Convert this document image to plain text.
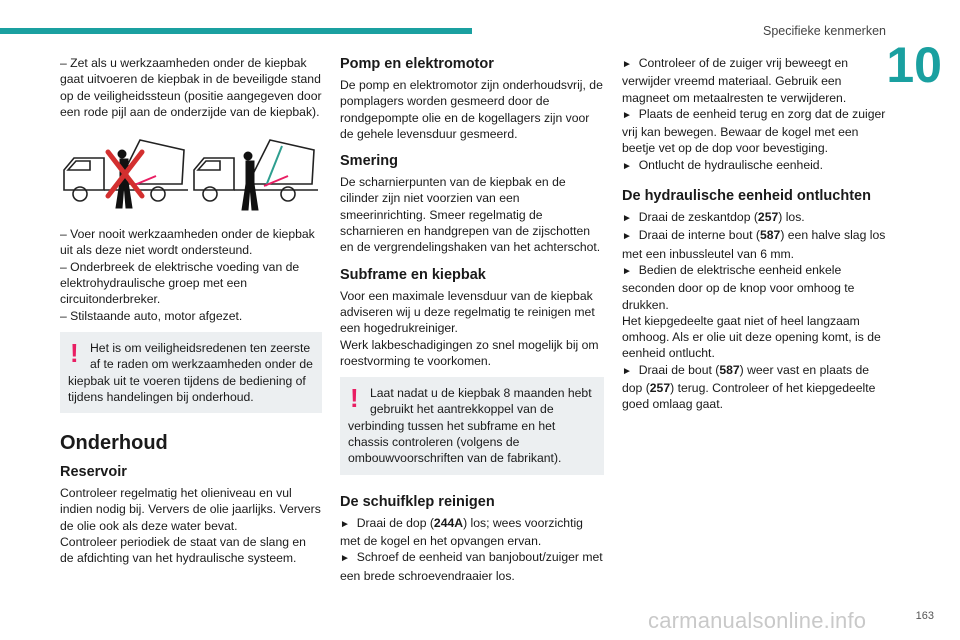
Specifieke kenmerken
10

– Zet als u werkzaamheden onder de kiepbak gaat uitvoeren de kiepbak in de beveiligde stand op de veiligheidssteun (positie aangegeven door een rode pijl aan de onderzijde van de kiepbak).

– Voer nooit werkzaamheden onder de kiepbak uit als deze niet wordt ondersteund.

– Onderbreek de elektrische voeding van de elektrohydraulische groep met een circuitonderbreker.

– Stilstaande auto, motor afgezet.

! Het is om veiligheidsredenen ten zeerste af te raden om werkzaamheden onder de
kiepbak uit te voeren tijdens de bediening of tijdens handelingen bij onderhoud.
Onderhoud
Reservoir

Controleer regelmatig het olieniveau en vul indien nodig bij. Ververs de olie jaarlijks. Ververs de olie ook als deze water bevat.

Controleer periodiek de staat van de slang en de afdichting van het hydraulische systeem.

Pomp en elektromotor

De pomp en elektromotor zijn onderhoudsvrij, de pomplagers worden gesmeerd door de rondgepompte olie en de kogellagers zijn voor de gehele levensduur gesmeerd.

Smering

De scharnierpunten van de kiepbak en de cilinder zijn niet voorzien van een smeerinrichting. Smeer regelmatig de scharnieren en handgrepen van de zijschotten en de vergrendelingshaken van het achterschot.

Subframe en kiepbak

Voor een maximale levensduur van de kiepbak adviseren wij u deze regelmatig te reinigen met een hogedrukreiniger.

Werk lakbeschadigingen zo snel mogelijk bij om roestvorming te voorkomen.

! Laat nadat u de kiepbak 8 maanden hebt gebruikt het aantrekkoppel van de
verbinding tussen het subframe en het chassis controleren (volgens de ombouwvoorschriften van de fabrikant).
De schuifklep reinigen

► Draai de dop (244A) los; wees voorzichtig met de kogel en het opvangen ervan.

► Schroef de eenheid van banjobout/zuiger met een brede schroevendraaier los.

► Controleer of de zuiger vrij beweegt en verwijder vreemd materiaal. Gebruik een magneet om metaalresten te verwijderen.

► Plaats de eenheid terug en zorg dat de zuiger vrij kan bewegen. Bewaar de kogel met een beetje vet op de dop voor bevestiging.

► Ontlucht de hydraulische eenheid.

De hydraulische eenheid ontluchten

► Draai de zeskantdop (257) los.

► Draai de interne bout (587) een halve slag los met een inbussleutel van 6 mm.

► Bedien de elektrische eenheid enkele seconden door op de knop voor omhoog te drukken.

Het kiepgedeelte gaat niet of heel langzaam omhoog. Als er olie uit deze opening komt, is de eenheid ontlucht.

► Draai de bout (587) weer vast en plaats de dop (257) terug. Controleer of het kiepgedeelte goed omlaag gaat.

carmanualsonline.info	163
